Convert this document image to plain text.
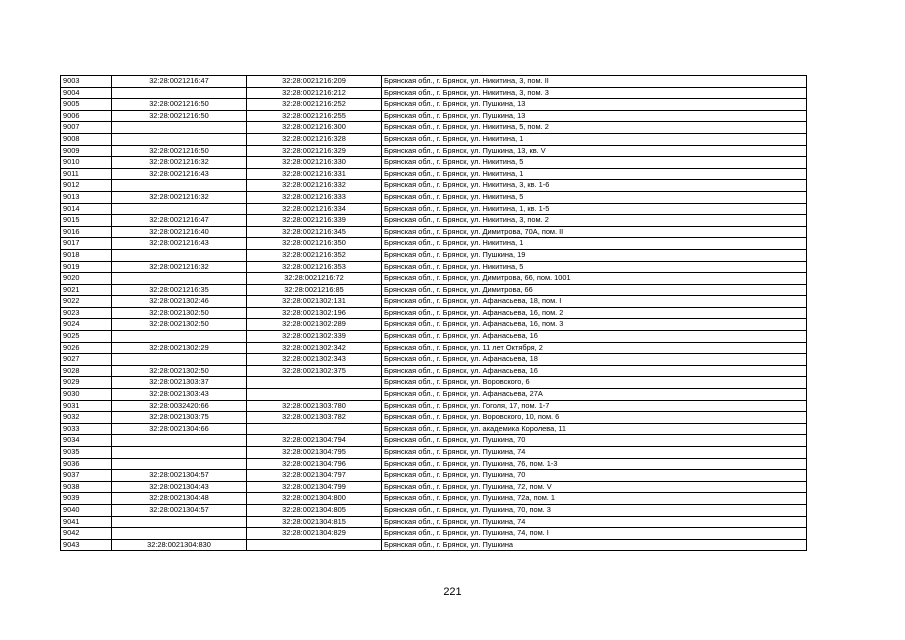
9003	32:28:0021216:47	32:28:0021216:209	Брянская обл., г. Брянск, ул. Никитина, 3, пом. II
9004		32:28:0021216:212	Брянская обл., г. Брянск, ул. Никитина, 3, пом. 3
9005	32:28:0021216:50	32:28:0021216:252	Брянская обл., г. Брянск, ул. Пушкина, 13
9006	32:28:0021216:50	32:28:0021216:255	Брянская обл., г. Брянск, ул. Пушкина, 13
9007		32:28:0021216:300	Брянская обл., г. Брянск, ул. Никитина, 5, пом. 2
9008		32:28:0021216:328	Брянская обл., г. Брянск, ул. Никитина, 1
9009	32:28:0021216:50	32:28:0021216:329	Брянская обл., г. Брянск, ул. Пушкина, 13, кв. V
9010	32:28:0021216:32	32:28:0021216:330	Брянская обл., г. Брянск, ул. Никитина, 5
9011	32:28:0021216:43	32:28:0021216:331	Брянская обл., г. Брянск, ул. Никитина, 1
9012		32:28:0021216:332	Брянская обл., г. Брянск, ул. Никитина, 3, кв. 1-6
9013	32:28:0021216:32	32:28:0021216:333	Брянская обл., г. Брянск, ул. Никитина, 5
9014		32:28:0021216:334	Брянская обл., г. Брянск, ул. Никитина, 1, кв. 1-5
9015	32:28:0021216:47	32:28:0021216:339	Брянская обл., г. Брянск, ул. Никитина, 3, пом. 2
9016	32:28:0021216:40	32:28:0021216:345	Брянская обл., г. Брянск, ул. Димитрова, 70А, пом. II
9017	32:28:0021216:43	32:28:0021216:350	Брянская обл., г. Брянск, ул. Никитина, 1
9018		32:28:0021216:352	Брянская обл., г. Брянск, ул. Пушкина, 19
9019	32:28:0021216:32	32:28:0021216:353	Брянская обл., г. Брянск, ул. Никитина, 5
9020		32:28:0021216:72	Брянская обл., г. Брянск, ул. Димитрова, 66, пом. 1001
9021	32:28:0021216:35	32:28:0021216:85	Брянская обл., г. Брянск, ул. Димитрова, 66
9022	32:28:0021302:46	32:28:0021302:131	Брянская обл., г. Брянск, ул. Афанасьева, 18, пом. I
9023	32:28:0021302:50	32:28:0021302:196	Брянская обл., г. Брянск, ул. Афанасьева, 16, пом. 2
9024	32:28:0021302:50	32:28:0021302:289	Брянская обл., г. Брянск, ул. Афанасьева, 16, пом. 3
9025		32:28:0021302:339	Брянская обл., г. Брянск, ул. Афанасьева, 16
9026	32:28:0021302:29	32:28:0021302:342	Брянская обл., г. Брянск, ул. 11 лет Октября, 2
9027		32:28:0021302:343	Брянская обл., г. Брянск, ул. Афанасьева, 18
9028	32:28:0021302:50	32:28:0021302:375	Брянская обл., г. Брянск, ул. Афанасьева, 16
9029	32:28:0021303:37		Брянская обл., г. Брянск, ул. Воровского, 6
9030	32:28:0021303:43		Брянская обл., г. Брянск, ул. Афанасьева, 27А
9031	32:28:0032420:66	32:28:0021303:780	Брянская обл., г. Брянск, ул. Гоголя, 17, пом. 1-7
9032	32:28:0021303:75	32:28:0021303:782	Брянская обл., г. Брянск, ул. Воровского, 10, пом. 6
9033	32:28:0021304:66		Брянская обл., г. Брянск, ул. академика Королева, 11
9034		32:28:0021304:794	Брянская обл., г. Брянск, ул. Пушкина, 70
9035		32:28:0021304:795	Брянская обл., г. Брянск, ул. Пушкина, 74
9036		32:28:0021304:796	Брянская обл., г. Брянск, ул. Пушкина, 76, пом. 1-3
9037	32:28:0021304:57	32:28:0021304:797	Брянская обл., г. Брянск, ул. Пушкина, 70
9038	32:28:0021304:43	32:28:0021304:799	Брянская обл., г. Брянск, ул. Пушкина, 72, пом. V
9039	32:28:0021304:48	32:28:0021304:800	Брянская обл., г. Брянск, ул. Пушкина, 72а, пом. 1
9040	32:28:0021304:57	32:28:0021304:805	Брянская обл., г. Брянск, ул. Пушкина, 70, пом. 3
9041		32:28:0021304:815	Брянская обл., г. Брянск, ул. Пушкина, 74
9042		32:28:0021304:829	Брянская обл., г. Брянск, ул. Пушкина, 74, пом. I
9043	32:28:0021304:830		Брянская обл., г. Брянск, ул. Пушкина
221
